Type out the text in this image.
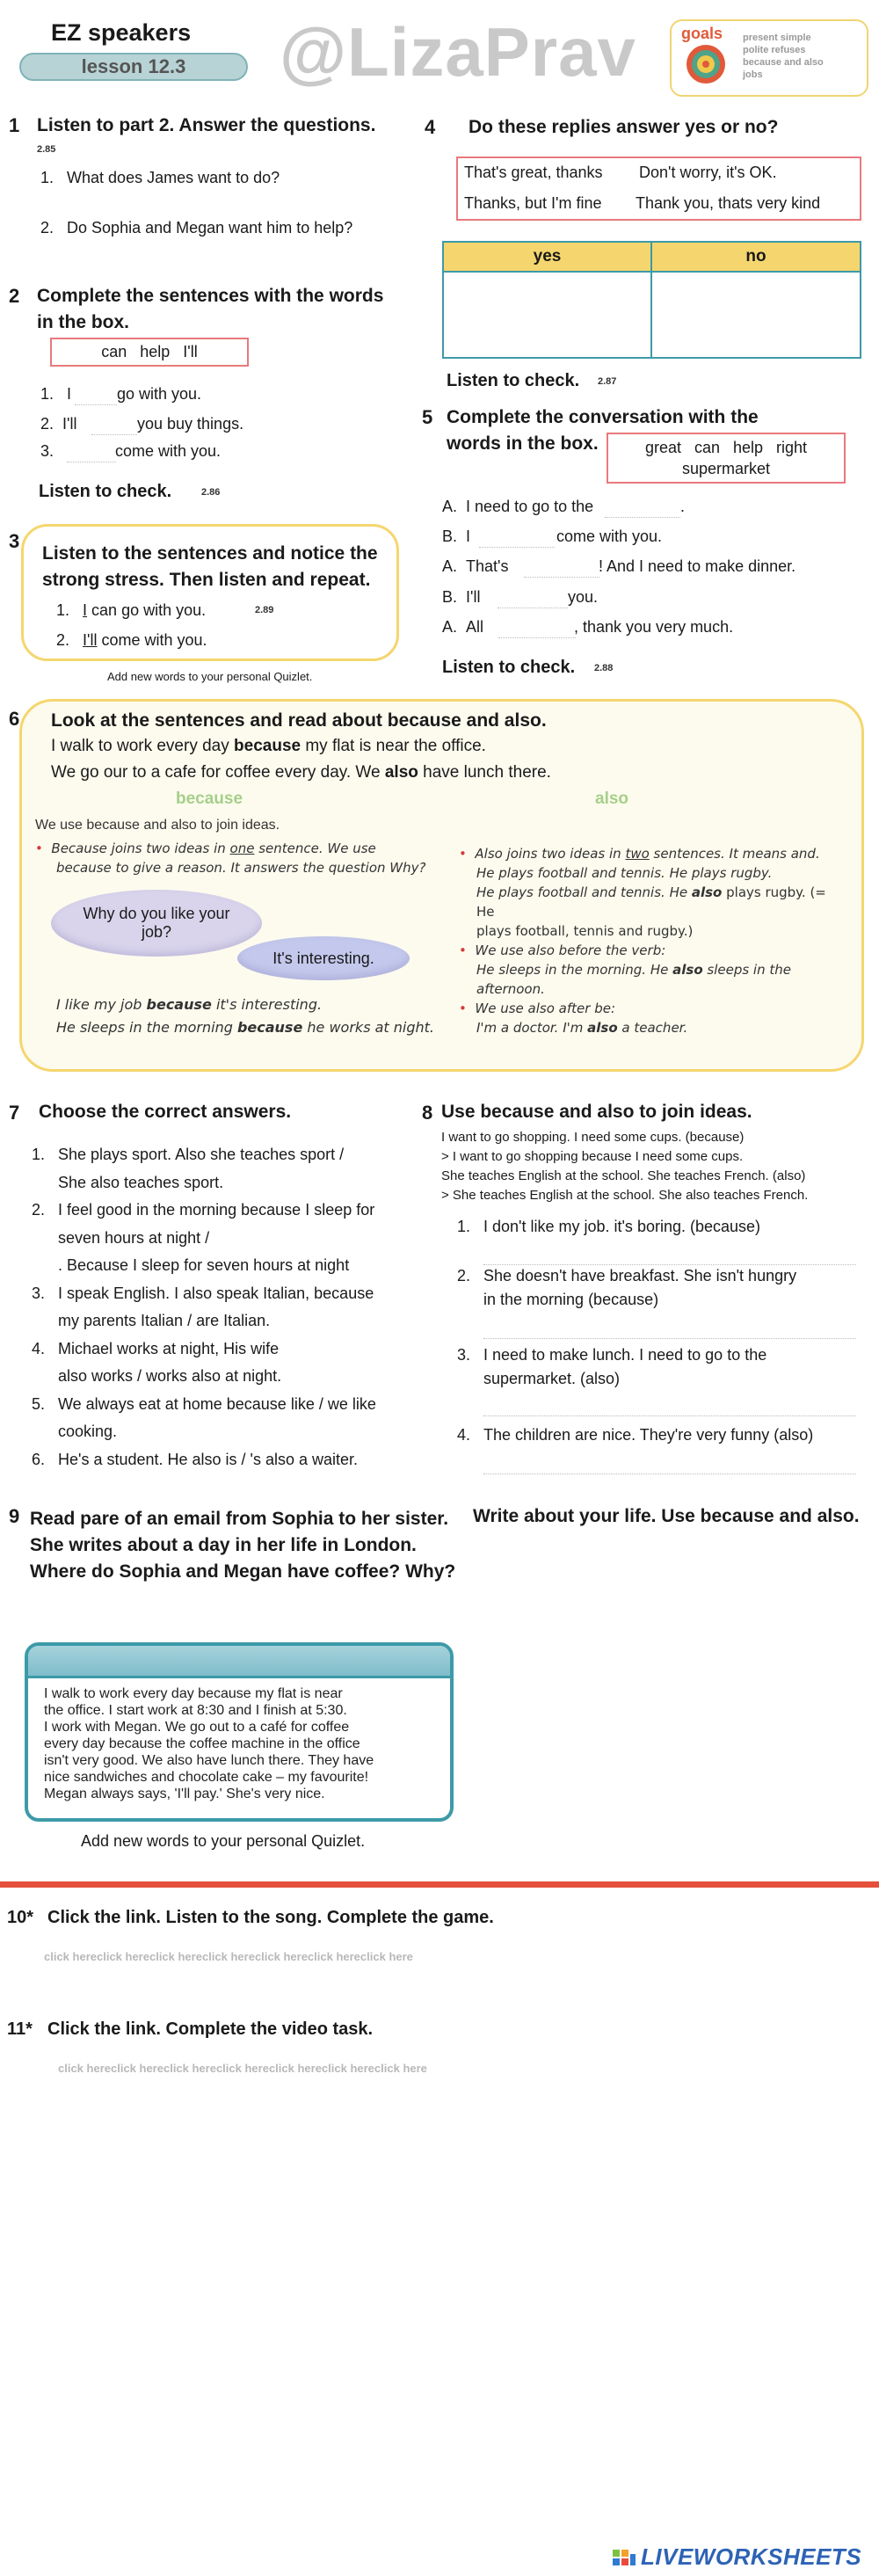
EZ speakers
lesson 12.3	@LizaPrav	goals present simple
polite refuses
because and also
jobs
1 Listen to part 2. Answer the questions.
2.85
1. What does James want to do?
2. Do Sophia and Megan want him to help?
2 Complete the sentences with the words
in the box.
can   help   I'll
1. I	go with you.
2. I'll	you buy things.
3.	come with you.
Listen to check.	2.86
3
Listen to the sentences and notice the
strong stress. Then listen and repeat.
1. I can go with you.	2.89
2. I'll come with you.
Add new words to your personal Quizlet.
4 Do these replies answer yes or no?
That's great, thanks Don't worry, it's OK.
Thanks, but I'm fine Thank you, thats very kind
yes	no
Listen to check. 2.87
5 Complete the conversation with the
words in the box.	great   can   help   right
supermarket
A. I need to go to the	.
B. I	come with you.
A. That's	! And I need to make dinner.
B. I'll	you.
A. All	, thank you very much.
Listen to check. 2.88
6 Look at the sentences and read about because and also.
I walk to work every day because my flat is near the office.
We go our to a cafe for coffee every day. We also have lunch there.
because	also
We use because and also to join ideas.
• Because joins two ideas in one sentence. We use
because to give a reason. It answers the question Why?
Why do you like your job?
It's interesting.
I like my job because it's interesting.
He sleeps in the morning because he works at night.
• Also joins two ideas in two sentences. It means and.
He plays football and tennis. He plays rugby.
He plays football and tennis. He also plays rugby. (= He
plays football, tennis and rugby.)
• We use also before the verb:
He sleeps in the morning. He also sleeps in the
afternoon.
• We use also after be:
I'm a doctor. I'm also a teacher.
7 Choose the correct answers.
1. She plays sport. Also she teaches sport /
She also teaches sport.
2. I feel good in the morning because I sleep for
seven hours at night /
. Because I sleep for seven hours at night
3. I speak English. I also speak Italian, because
my parents Italian / are Italian.
4. Michael works at night, His wife
also works / works also at night.
5. We always eat at home because like / we like
cooking.
6. He's a student. He also is / 's also a waiter.
8 Use because and also to join ideas.
I want to go shopping. I need some cups. (because)
> I want to go shopping because I need some cups.
She teaches English at the school. She teaches French. (also)
> She teaches English at the school. She also teaches French.
1. I don't like my job. it's boring. (because)
2. She doesn't have breakfast. She isn't hungry
in the morning (because)
3. I need to make lunch. I need to go to the
supermarket. (also)
4. The children are nice. They're very funny (also)
9 Read pare of an email from Sophia to her sister.
She writes about a day in her life in London.
Where do Sophia and Megan have coffee? Why?
Write about your life. Use because and also.
I walk to work every day because my flat is near
the office. I start work at 8:30 and I finish at 5:30.
I work with Megan. We go out to a café for coffee
every day because the coffee machine in the office
isn't very good. We also have lunch there. They have
nice sandwiches and chocolate cake – my favourite!
Megan always says, 'I'll pay.' She's very nice.
Add new words to your personal Quizlet.
10* Click the link. Listen to the song. Complete the game.
click hereclick hereclick hereclick hereclick hereclick hereclick here
11* Click the link. Complete the video task.
click hereclick hereclick hereclick hereclick hereclick hereclick here
LIVEWORKSHEETS
